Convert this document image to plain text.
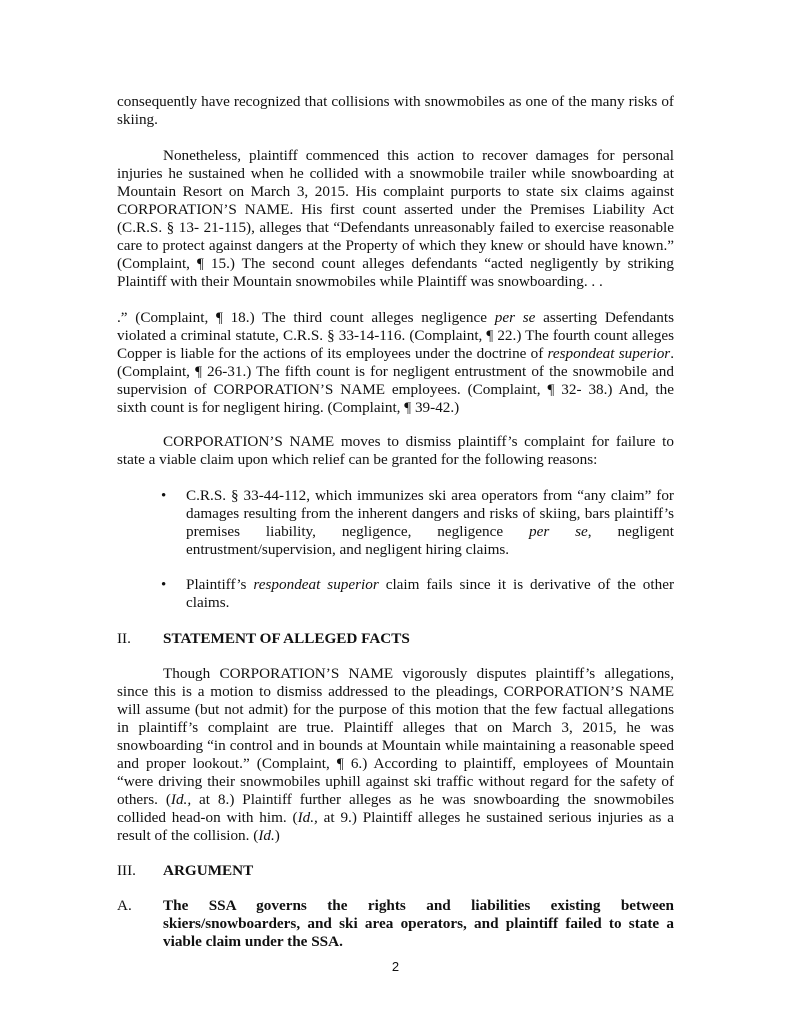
consequently have recognized that collisions with snowmobiles as one of the many risks of skiing.

Nonetheless, plaintiff commenced this action to recover damages for personal injuries he sustained when he collided with a snowmobile trailer while snowboarding at Mountain Resort on March 3, 2015. His complaint purports to state six claims against CORPORATION’S NAME. His first count asserted under the Premises Liability Act (C.R.S. § 13- 21-115), alleges that “Defendants unreasonably failed to exercise reasonable care to protect against dangers at the Property of which they knew or should have known.” (Complaint, ¶ 15.) The second count alleges defendants “acted negligently by striking Plaintiff with their Mountain snowmobiles while Plaintiff was snowboarding. . .
.” (Complaint, ¶ 18.) The third count alleges negligence per se asserting Defendants violated a criminal statute, C.R.S. § 33-14-116. (Complaint, ¶ 22.) The fourth count alleges Copper is liable for the actions of its employees under the doctrine of respondeat superior. (Complaint, ¶ 26-31.) The fifth count is for negligent entrustment of the snowmobile and supervision of CORPORATION’S NAME employees. (Complaint, ¶ 32- 38.) And, the sixth count is for negligent hiring. (Complaint, ¶ 39-42.)

CORPORATION’S NAME moves to dismiss plaintiff’s complaint for failure to state a viable claim upon which relief can be granted for the following reasons:

• C.R.S. § 33-44-112, which immunizes ski area operators from “any claim” for damages resulting from the inherent dangers and risks of skiing, bars plaintiff’s premises liability, negligence, negligence per se, negligent entrustment/supervision, and negligent hiring claims.
• Plaintiff’s respondeat superior claim fails since it is derivative of the other claims.

II. STATEMENT OF ALLEGED FACTS

Though CORPORATION’S NAME vigorously disputes plaintiff’s allegations, since this is a motion to dismiss addressed to the pleadings, CORPORATION’S NAME will assume (but not admit) for the purpose of this motion that the few factual allegations in plaintiff’s complaint are true. Plaintiff alleges that on March 3, 2015, he was snowboarding “in control and in bounds at Mountain while maintaining a reasonable speed and proper lookout.” (Complaint, ¶ 6.) According to plaintiff, employees of Mountain “were driving their snowmobiles uphill against ski traffic without regard for the safety of others. (Id., at 8.) Plaintiff further alleges as he was snowboarding the snowmobiles collided head-on with him. (Id., at 9.) Plaintiff alleges he sustained serious injuries as a result of the collision. (Id.)

III. ARGUMENT

A. The SSA governs the rights and liabilities existing between skiers/snowboarders, and ski area operators, and plaintiff failed to state a viable claim under the SSA.

2
